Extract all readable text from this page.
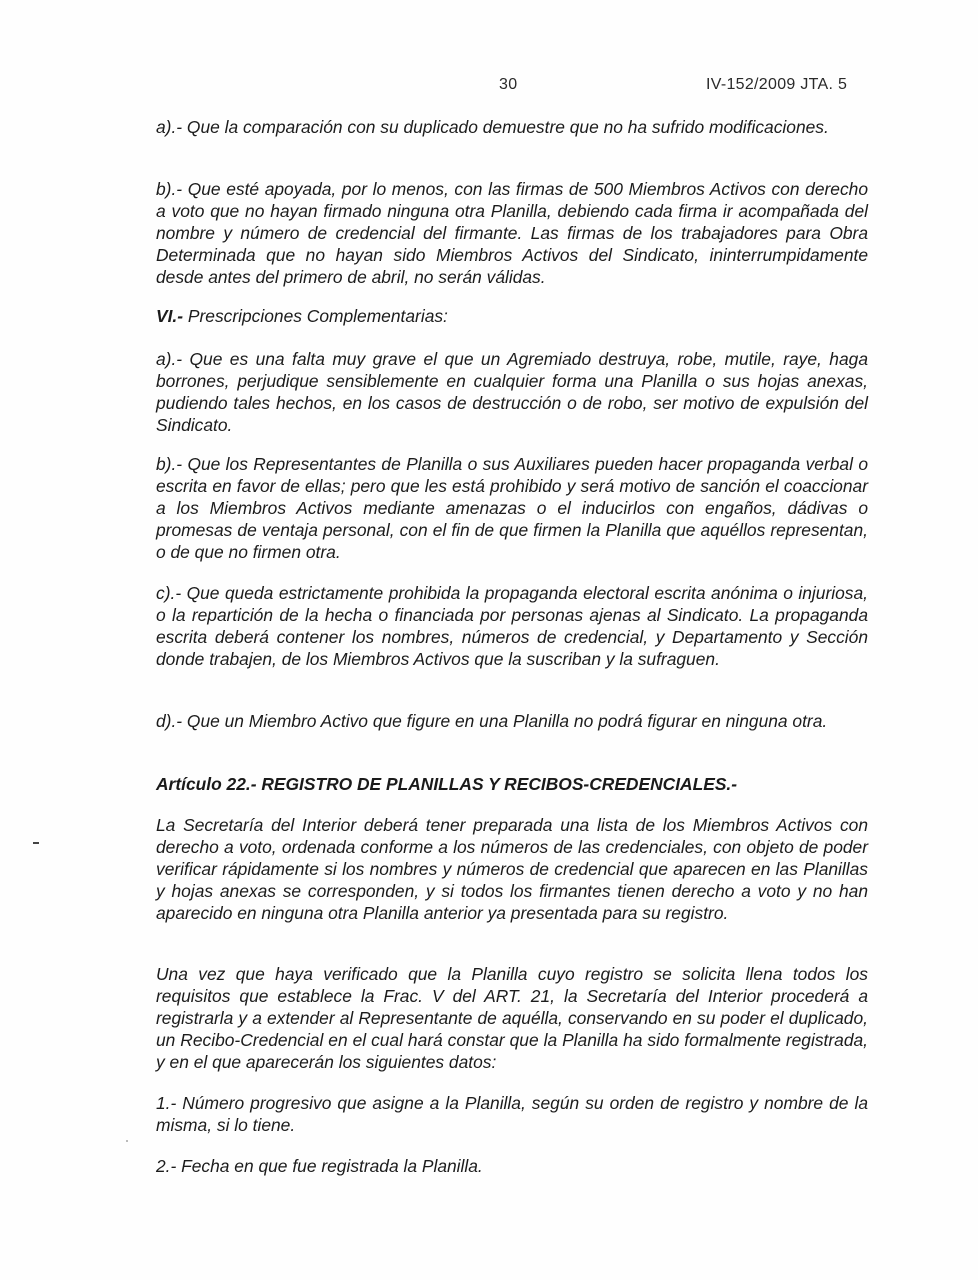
30	IV-152/2009 JTA. 5
a).- Que la comparación con su duplicado demuestre que no ha sufrido modificaciones.
b).- Que esté apoyada, por lo menos, con las firmas de 500 Miembros Activos con derecho a voto que no hayan firmado ninguna otra Planilla, debiendo cada firma ir acompañada del nombre y número de credencial del firmante. Las firmas de los trabajadores para Obra Determinada que no hayan sido Miembros Activos del Sindicato, ininterrumpidamente desde antes del primero de abril, no serán válidas.
VI.- Prescripciones Complementarias:
a).- Que es una falta muy grave el que un Agremiado destruya, robe, mutile, raye, haga borrones, perjudique sensiblemente en cualquier forma una Planilla o sus hojas anexas, pudiendo tales hechos, en los casos de destrucción o de robo, ser motivo de expulsión del Sindicato.
b).- Que los Representantes de Planilla o sus Auxiliares pueden hacer propaganda verbal o escrita en favor de ellas; pero que les está prohibido y será motivo de sanción el coaccionar a los Miembros Activos mediante amenazas o el inducirlos con engaños, dádivas o promesas de ventaja personal, con el fin de que firmen la Planilla que aquéllos representan, o de que no firmen otra.
c).- Que queda estrictamente prohibida la propaganda electoral escrita anónima o injuriosa, o la repartición de la hecha o financiada por personas ajenas al Sindicato. La propaganda escrita deberá contener los nombres, números de credencial, y Departamento y Sección donde trabajen, de los Miembros Activos que la suscriban y la sufraguen.
d).- Que un Miembro Activo que figure en una Planilla no podrá figurar en ninguna otra.
Artículo 22.- REGISTRO DE PLANILLAS Y RECIBOS-CREDENCIALES.-
La Secretaría del Interior deberá tener preparada una lista de los Miembros Activos con derecho a voto, ordenada conforme a los números de las credenciales, con objeto de poder verificar rápidamente si los nombres y números de credencial que aparecen en las Planillas y hojas anexas se corresponden, y si todos los firmantes tienen derecho a voto y no han aparecido en ninguna otra Planilla anterior ya presentada para su registro.
Una vez que haya verificado que la Planilla cuyo registro se solicita llena todos los requisitos que establece la Frac. V del ART. 21, la Secretaría del Interior procederá a registrarla y a extender al Representante de aquélla, conservando en su poder el duplicado, un Recibo-Credencial en el cual hará constar que la Planilla ha sido formalmente registrada, y en el que aparecerán los siguientes datos:
1.- Número progresivo que asigne a la Planilla, según su orden de registro y nombre de la misma, si lo tiene.
2.- Fecha en que fue registrada la Planilla.
